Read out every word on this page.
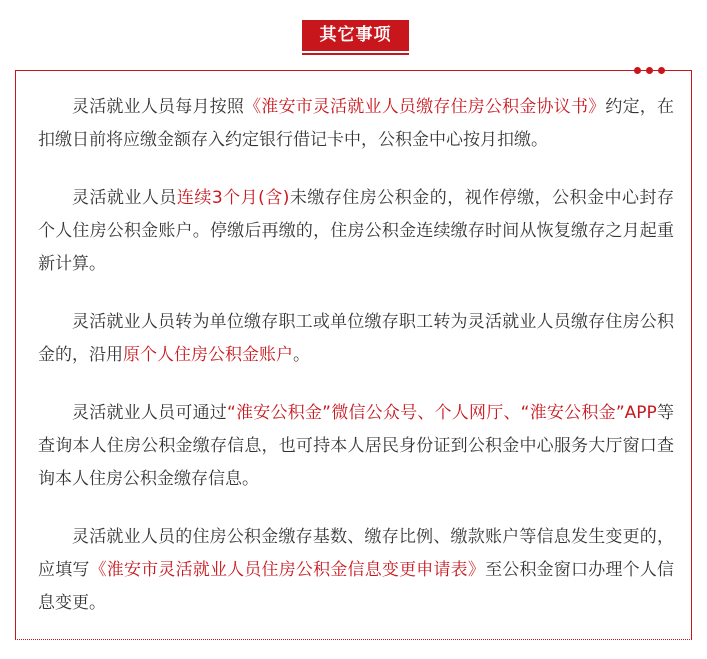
其它事项

灵活就业人员每月按照《淮安市灵活就业人员缴存住房公积金协议书》约定，在扣缴日前将应缴金额存入约定银行借记卡中，公积金中心按月扣缴。

灵活就业人员连续3个月(含)未缴存住房公积金的，视作停缴，公积金中心封存个人住房公积金账户。停缴后再缴的，住房公积金连续缴存时间从恢复缴存之月起重新计算。

灵活就业人员转为单位缴存职工或单位缴存职工转为灵活就业人员缴存住房公积金的，沿用原个人住房公积金账户。

灵活就业人员可通过“淮安公积金”微信公众号、个人网厅、“淮安公积金”APP等查询本人住房公积金缴存信息，也可持本人居民身份证到公积金中心服务大厅窗口查询本人住房公积金缴存信息。

灵活就业人员的住房公积金缴存基数、缴存比例、缴款账户等信息发生变更的，应填写《淮安市灵活就业人员住房公积金信息变更申请表》至公积金窗口办理个人信息变更。
